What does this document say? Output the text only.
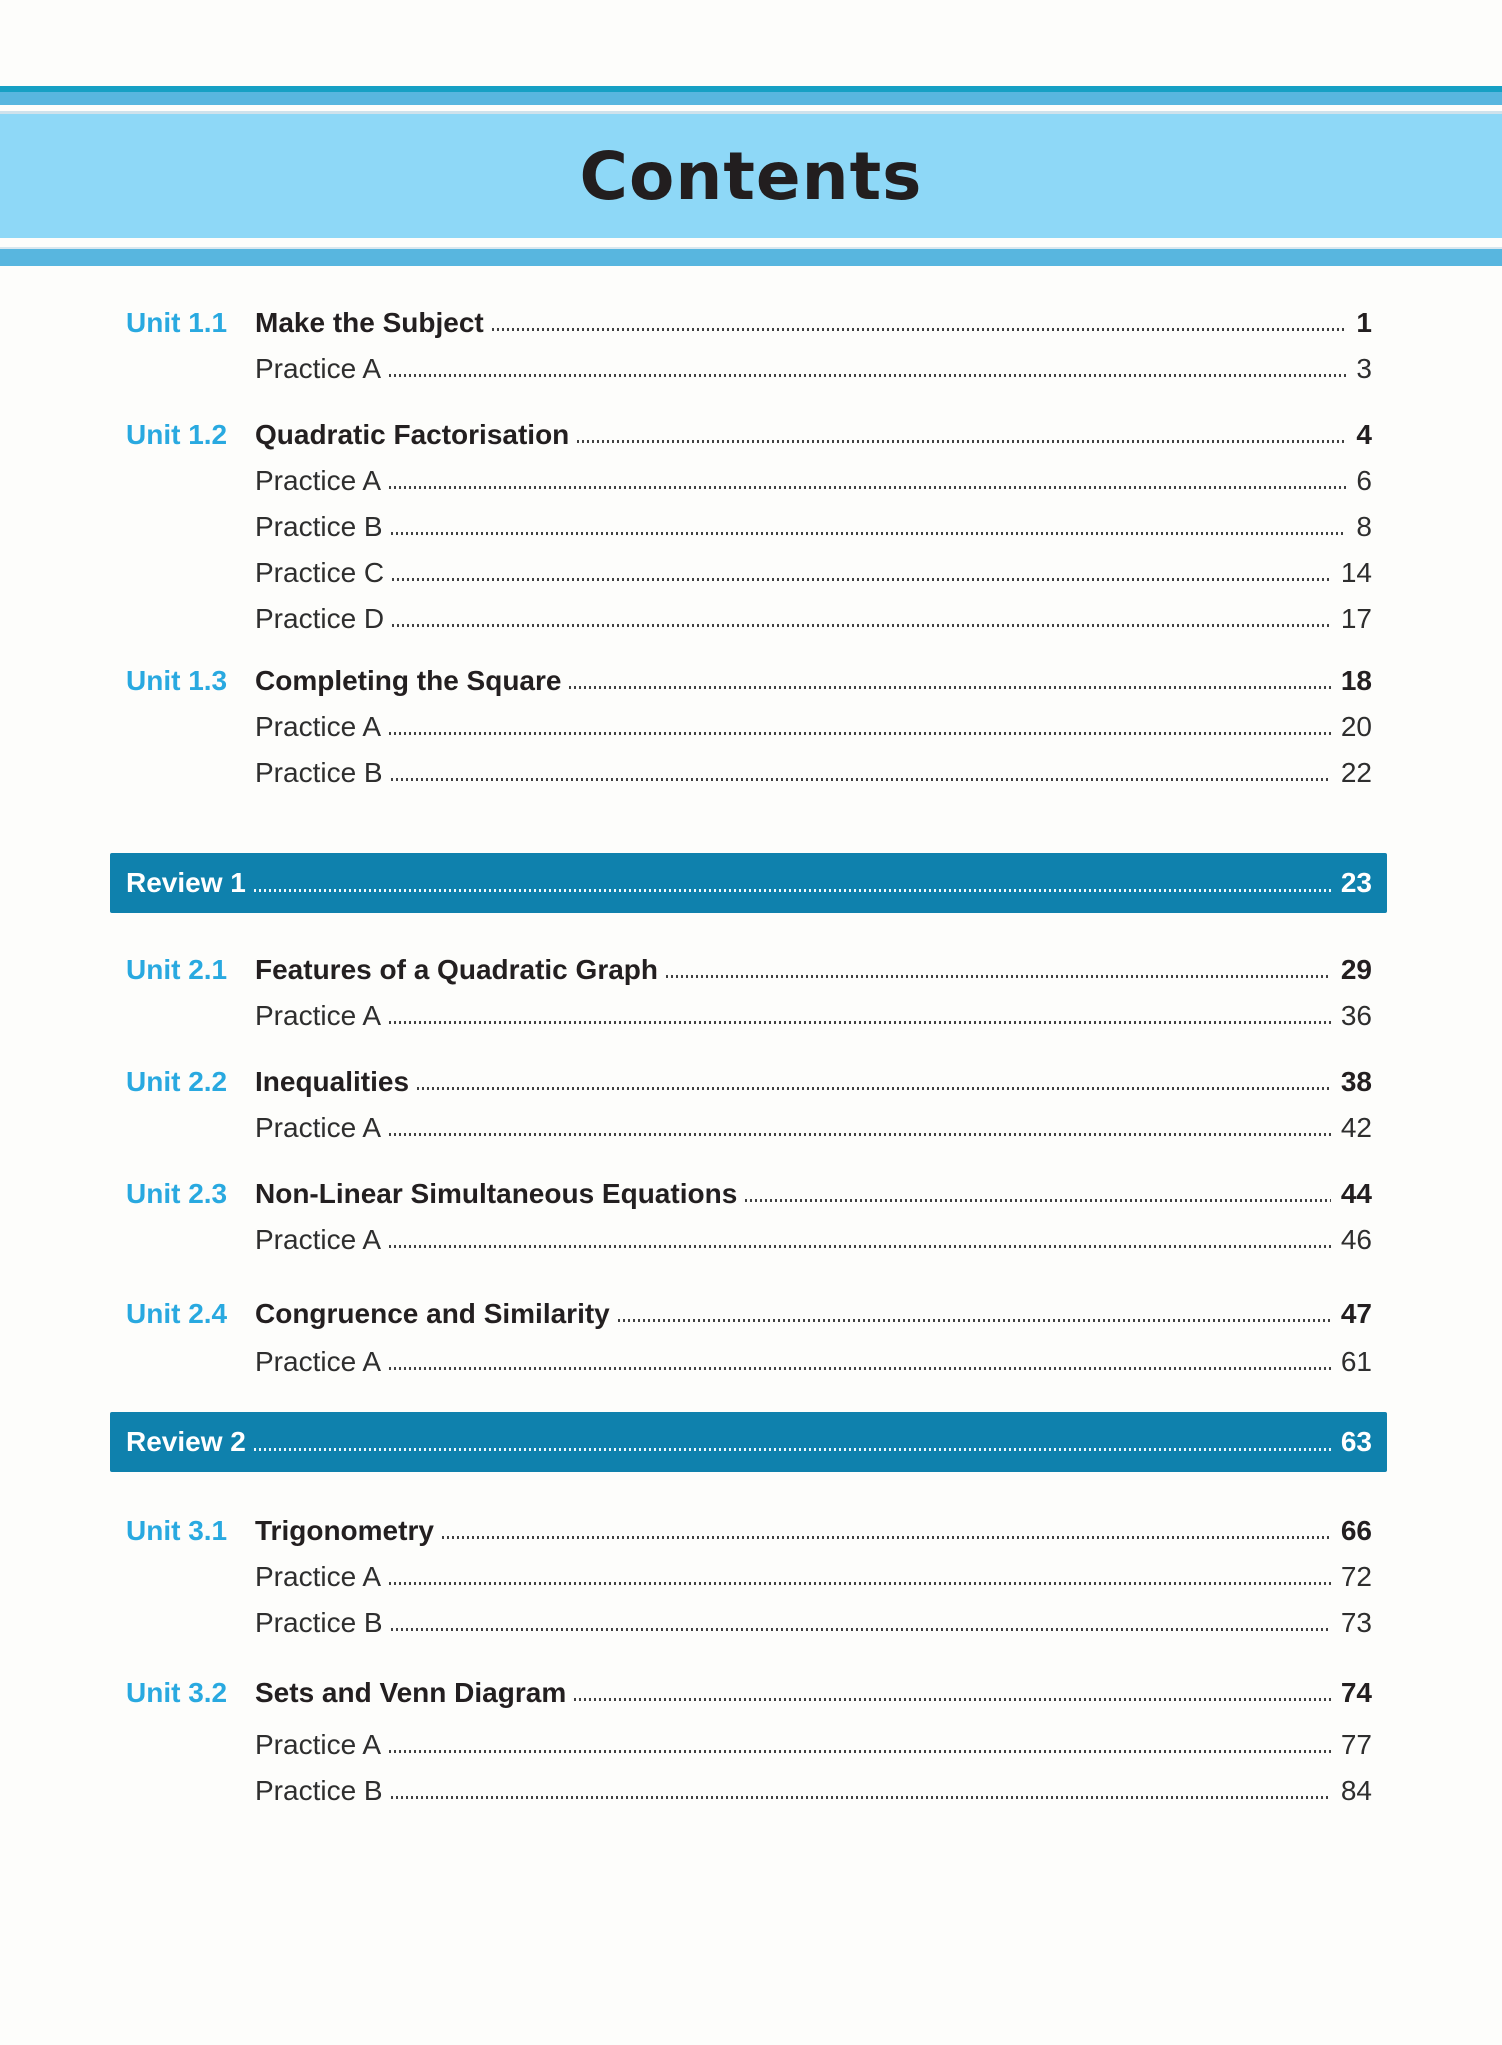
Contents
Unit 1.1 Make the Subject	1
Practice A	3
Unit 1.2 Quadratic Factorisation	4
Practice A	6
Practice B	8
Practice C	14
Practice D	17
Unit 1.3 Completing the Square	18
Practice A	20
Practice B	22
Review 1	23
Unit 2.1 Features of a Quadratic Graph	29
Practice A	36
Unit 2.2 Inequalities	38
Practice A	42
Unit 2.3 Non-Linear Simultaneous Equations	44
Practice A	46
Unit 2.4 Congruence and Similarity	47
Practice A	61
Review 2	63
Unit 3.1 Trigonometry	66
Practice A	72
Practice B	73
Unit 3.2 Sets and Venn Diagram	74
Practice A	77
Practice B	84
